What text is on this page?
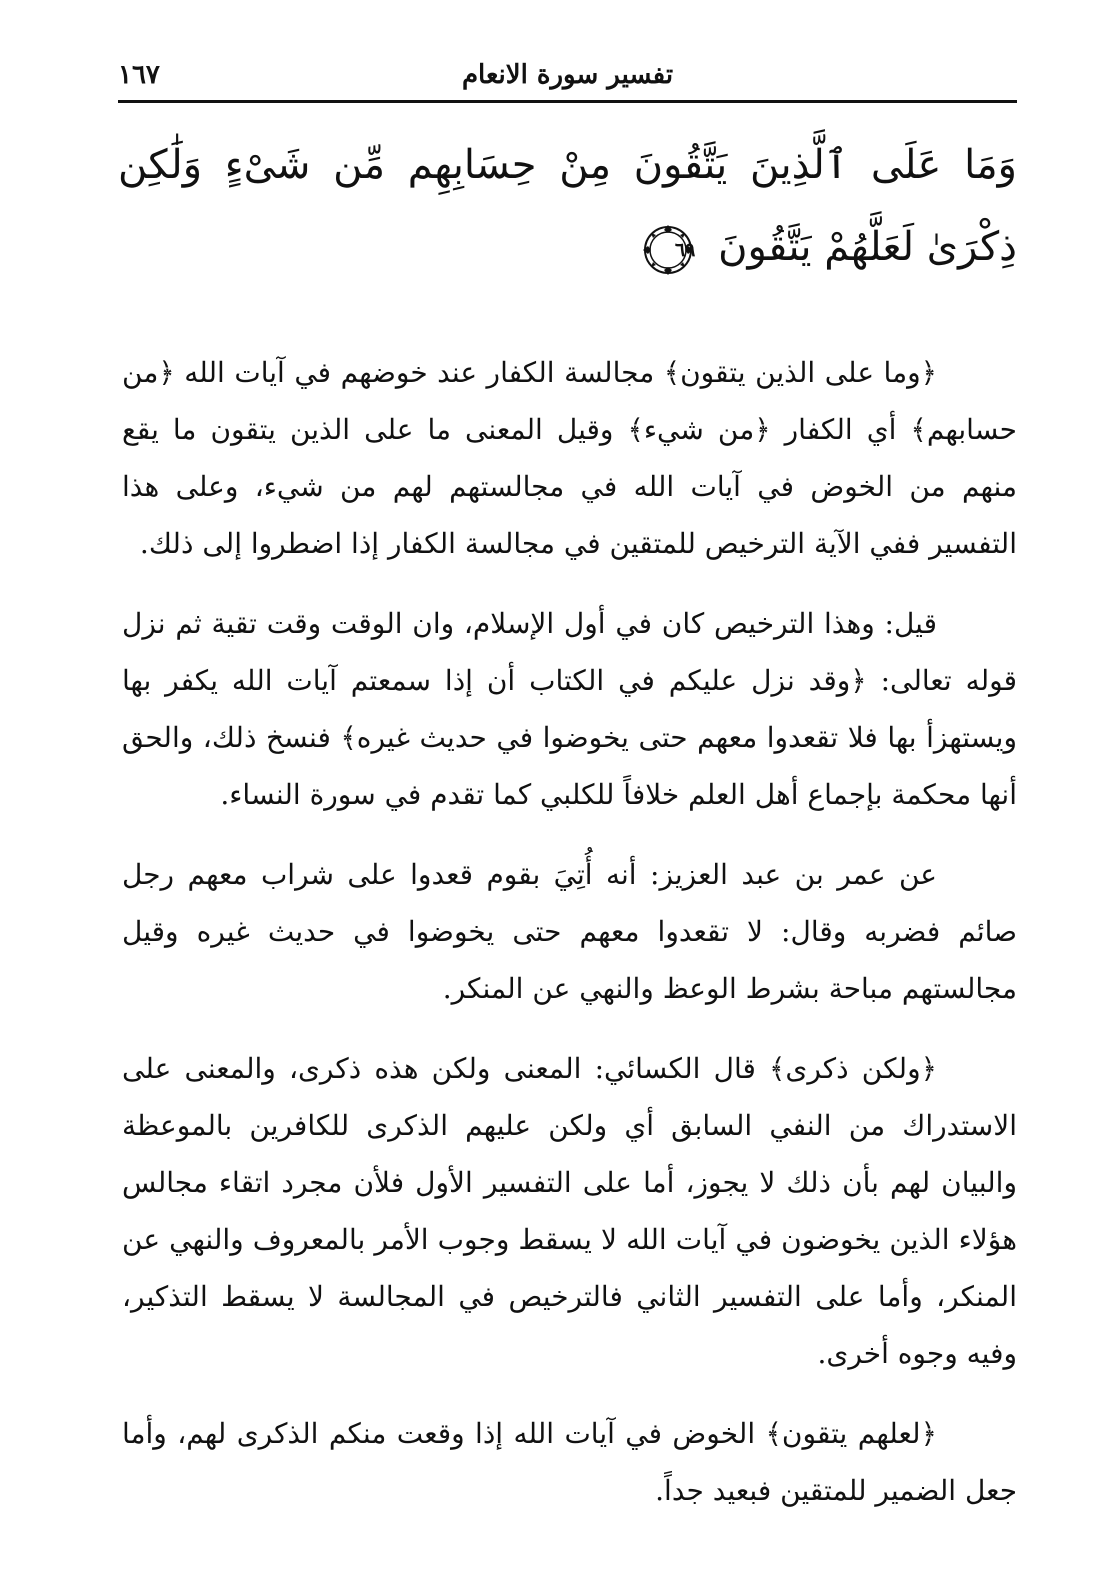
تفسير سورة الانعام
١٦٧
وَمَا عَلَى ٱلَّذِينَ يَتَّقُونَ مِنْ حِسَابِهِم مِّن شَىْءٍ وَلَٰكِن ذِكْرَىٰ لَعَلَّهُمْ يَتَّقُونَ
٦٩

﴿وما على الذين يتقون﴾ مجالسة الكفار عند خوضهم في آيات الله ﴿من حسابهم﴾ أي الكفار ﴿من شيء﴾ وقيل المعنى ما على الذين يتقون ما يقع منهم من الخوض في آيات الله في مجالستهم لهم من شيء، وعلى هذا التفسير ففي الآية الترخيص للمتقين في مجالسة الكفار إذا اضطروا إلى ذلك.

قيل: وهذا الترخيص كان في أول الإسلام، وان الوقت وقت تقية ثم نزل قوله تعالى: ﴿وقد نزل عليكم في الكتاب أن إذا سمعتم آيات الله يكفر بها ويستهزأ بها فلا تقعدوا معهم حتى يخوضوا في حديث غيره﴾ فنسخ ذلك، والحق أنها محكمة بإجماع أهل العلم خلافاً للكلبي كما تقدم في سورة النساء.

عن عمر بن عبد العزيز: أنه أُتِيَ بقوم قعدوا على شراب معهم رجل صائم فضربه وقال: لا تقعدوا معهم حتى يخوضوا في حديث غيره وقيل مجالستهم مباحة بشرط الوعظ والنهي عن المنكر.

﴿ولكن ذكرى﴾ قال الكسائي: المعنى ولكن هذه ذكرى، والمعنى على الاستدراك من النفي السابق أي ولكن عليهم الذكرى للكافرين بالموعظة والبيان لهم بأن ذلك لا يجوز، أما على التفسير الأول فلأن مجرد اتقاء مجالس هؤلاء الذين يخوضون في آيات الله لا يسقط وجوب الأمر بالمعروف والنهي عن المنكر، وأما على التفسير الثاني فالترخيص في المجالسة لا يسقط التذكير، وفيه وجوه أخرى.

﴿لعلهم يتقون﴾ الخوض في آيات الله إذا وقعت منكم الذكرى لهم، وأما جعل الضمير للمتقين فبعيد جداً.
